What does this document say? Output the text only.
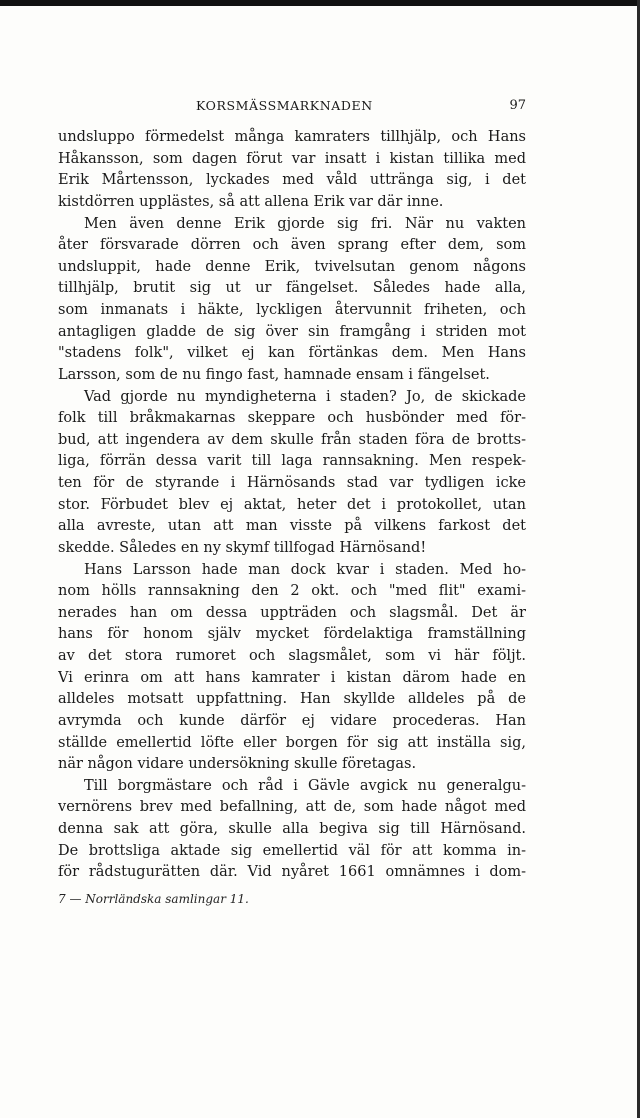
KORSMÄSSMARKNADEN	97
undsluppo förmedelst många kamraters tillhjälp, och Hans
Håkansson, som dagen förut var insatt i kistan tillika med
Erik Mårtensson, lyckades med våld uttränga sig, i det
kistdörren upplästes, så att allena Erik var där inne.
Men även denne Erik gjorde sig fri. När nu vakten
åter försvarade dörren och även sprang efter dem, som
undsluppit, hade denne Erik, tvivelsutan genom någons
tillhjälp, brutit sig ut ur fängelset. Således hade alla,
som inmanats i häkte, lyckligen återvunnit friheten, och
antagligen gladde de sig över sin framgång i striden mot
"stadens folk", vilket ej kan förtänkas dem. Men Hans
Larsson, som de nu fingo fast, hamnade ensam i fängelset.
Vad gjorde nu myndigheterna i staden? Jo, de skickade
folk till bråkmakarnas skeppare och husbönder med för-
bud, att ingendera av dem skulle från staden föra de brotts-
liga, förrän dessa varit till laga rannsakning. Men respek-
ten för de styrande i Härnösands stad var tydligen icke
stor. Förbudet blev ej aktat, heter det i protokollet, utan
alla avreste, utan att man visste på vilkens farkost det
skedde. Således en ny skymf tillfogad Härnösand!
Hans Larsson hade man dock kvar i staden. Med ho-
nom hölls rannsakning den 2 okt. och "med flit" exami-
nerades han om dessa uppträden och slagsmål. Det är
hans för honom själv mycket fördelaktiga framställning
av det stora rumoret och slagsmålet, som vi här följt.
Vi erinra om att hans kamrater i kistan därom hade en
alldeles motsatt uppfattning. Han skyllde alldeles på de
avrymda och kunde därför ej vidare procederas. Han
ställde emellertid löfte eller borgen för sig att inställa sig,
när någon vidare undersökning skulle företagas.
Till borgmästare och råd i Gävle avgick nu generalgu-
vernörens brev med befallning, att de, som hade något med
denna sak att göra, skulle alla begiva sig till Härnösand.
De brottsliga aktade sig emellertid väl för att komma in-
för rådstugurätten där. Vid nyåret 1661 omnämnes i dom-
7 — Norrländska samlingar 11.
